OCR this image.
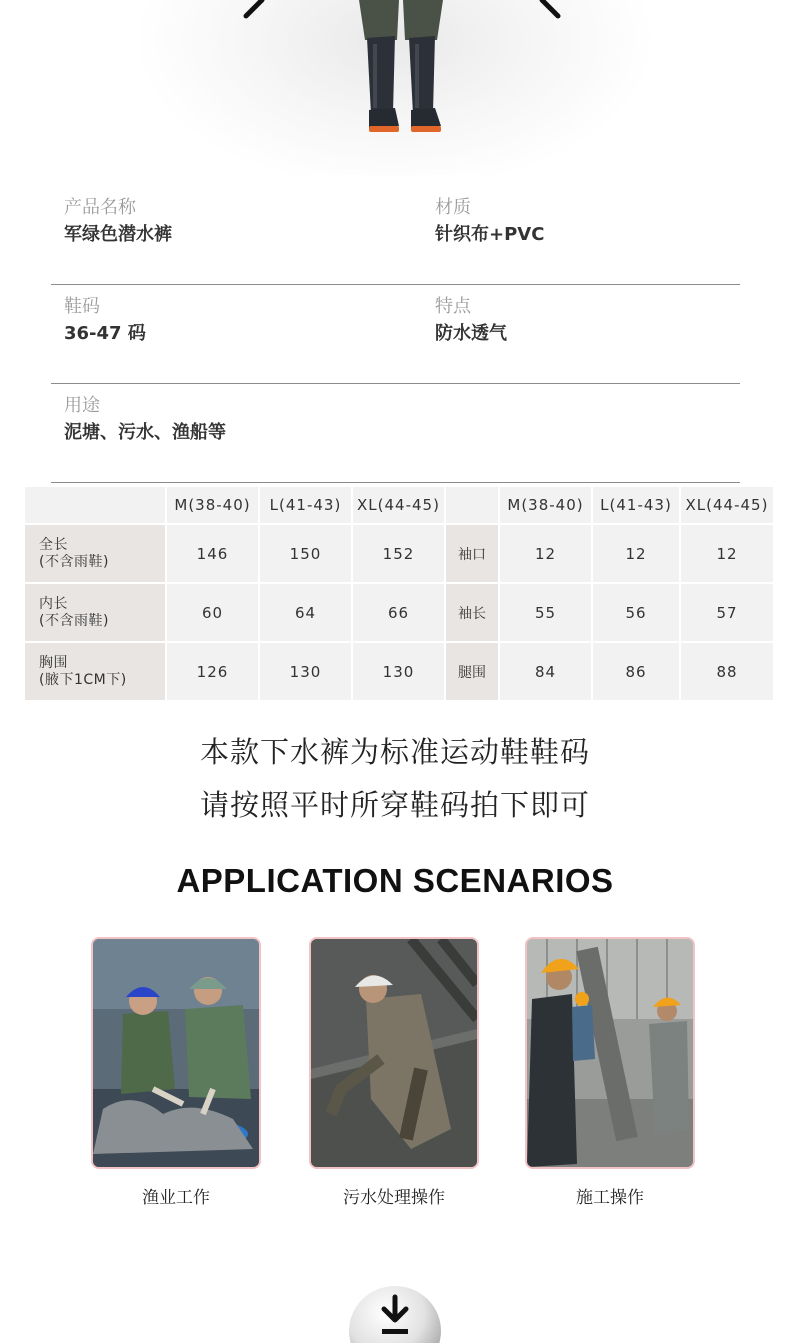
产品名称
军绿色潜水裤
材质
针织布+PVC
鞋码
36-47 码
特点
防水透气
用途
泥塘、污水、渔船等
	M(38-40)	L(41-43)	XL(44-45)		M(38-40)	L(41-43)	XL(44-45)

全长
(不含雨鞋)	146	150	152	袖口	12	12	12

内长
(不含雨鞋)	60	64	66	袖长	55	56	57

胸围
(腋下1CM下)	126	130	130	腿围	84	86	88
本款下水裤为标准运动鞋鞋码
请按照平时所穿鞋码拍下即可
APPLICATION SCENARIOS
渔业工作	污水处理操作	施工操作
